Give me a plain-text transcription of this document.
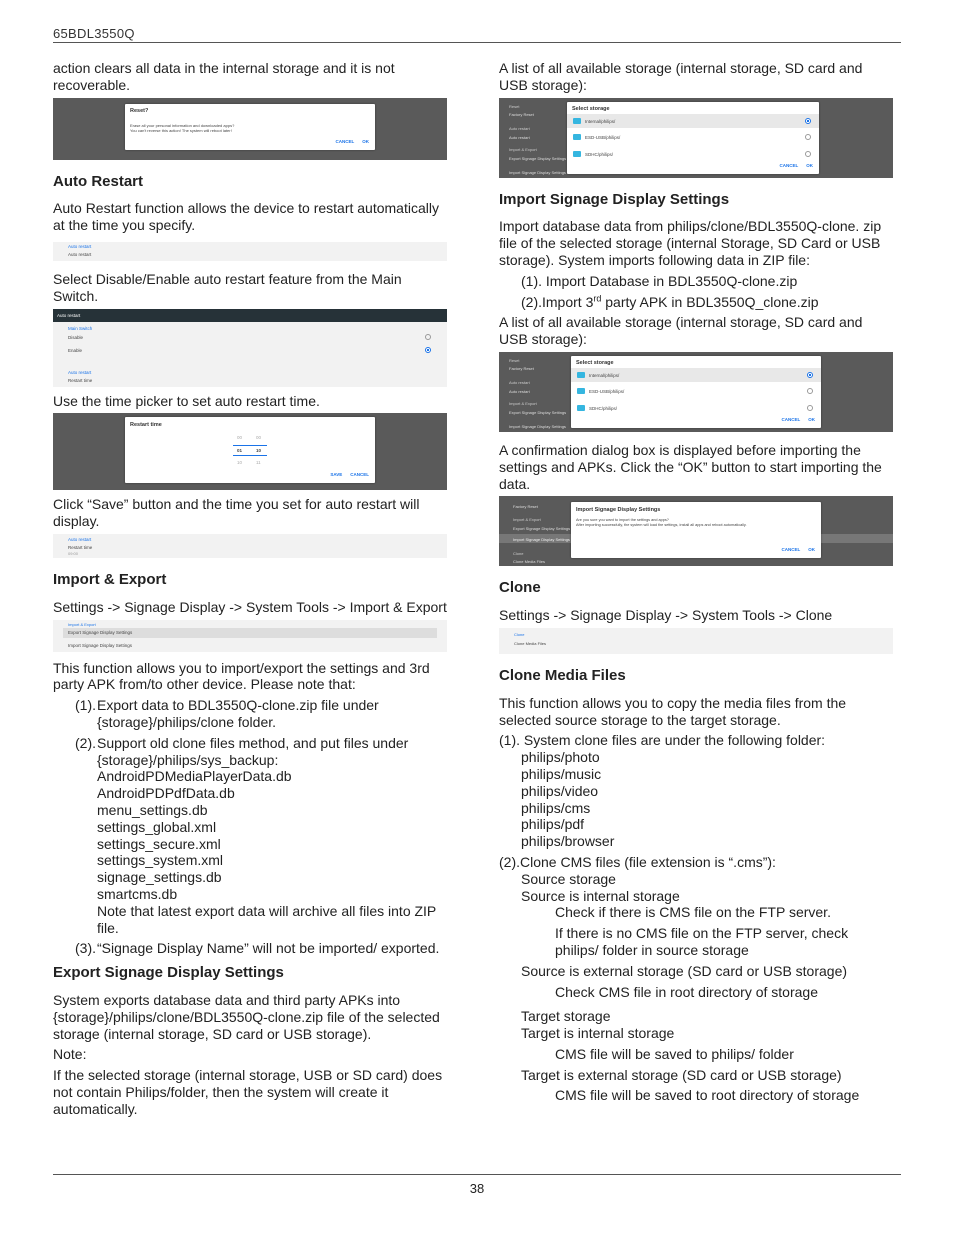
65BDL3550Q

action clears all data in the internal storage and it is not recoverable.

Reset?
Erase all your personal information and downloaded apps?
You can't reverse this action! The system will reboot later!
CANCEL OK
Auto Restart

Auto Restart function allows the device to restart automatically at the time you specify.

Auto restart
Auto restart

Select Disable/Enable auto restart feature from the Main Switch.

Auto restart
Main Switch
Disable
Enable
Auto restart
Restart time

Use the time picker to set auto restart time.

Restart time
00	00
01	10
10	11
SAVE CANCEL

Click “Save” button and the time you set for auto restart will display.

Auto restart
Restart time
09:00
Import & Export

Settings -> Signage Display -> System Tools -> Import & Export

Import & Export
Export Signage Display Settings
Import Signage Display Settings

This function allows you to import/export the settings and 3rd party APK from/to other device. Please note that:

(1). Export data to BDL3550Q-clone.zip file under {storage}/philips/clone folder.
(2). Support old clone files method, and put files under {storage}/philips/sys_backup:
AndroidPDMediaPlayerData.db
AndroidPDPdfData.db
menu_settings.db
settings_global.xml
settings_secure.xml
settings_system.xml
signage_settings.db
smartcms.db
Note that latest export data will archive all files into ZIP file.
(3). “Signage Display Name” will not be imported/ exported.
Export Signage Display Settings

System exports database data and third party APKs into {storage}/philips/clone/BDL3550Q-clone.zip file of the selected storage (internal storage, SD card or USB storage).

Note:

If the selected storage (internal storage, USB or SD card) does not contain Philips/folder, then the system will create it automatically.

A list of all available storage (internal storage, SD card and USB storage):

Reset
Factory Reset
Auto restart
Auto restart
Import & Export
Export Signage Display Settings
Import Signage Display Settings
Select storage
Internal/philips/
ESD-USB/philips/
SDHC/philips/
CANCEL OK
Import Signage Display Settings

Import database data from philips/clone/BDL3550Q-clone. zip file of the selected storage (internal Storage, SD Card or USB storage). System imports following data in ZIP file:

(1). Import Database in BDL3550Q-clone.zip
(2).Import 3rd party APK in BDL3550Q_clone.zip

A list of all available storage (internal storage, SD card and USB storage):

Reset
Factory Reset
Auto restart
Auto restart
Import & Export
Export Signage Display Settings
Import Signage Display Settings
Select storage
Internal/philips/
ESD-USB/philips/
SDHC/philips/
CANCEL OK

A confirmation dialog box is displayed before importing the settings and APKs. Click the “OK” button to start importing the data.

Factory Reset
Import & Export
Export Signage Display Settings
Import Signage Display Settings
Clone
Clone Media Files
Import Signage Display Settings
Are you sure you want to import the settings and apps?
After importing successfully, the system will load the settings, install all apps and reboot automatically.
CANCEL OK
Clone

Settings -> Signage Display -> System Tools -> Clone

Clone
Clone Media Files
Clone Media Files

This function allows you to copy the media files from the selected source storage to the target storage.

(1). System clone files are under the following folder:
philips/photo
philips/music
philips/video
philips/cms
philips/pdf
philips/browser
(2).Clone CMS files (file extension is “.cms”):
Source storage
Source is internal storage
Check if there is CMS file on the FTP server.
If there is no CMS file on the FTP server, check philips/ folder in source storage
Source is external storage (SD card or USB storage)
Check CMS file in root directory of storage
Target storage
Target is internal storage
CMS file will be saved to philips/ folder
Target is external storage (SD card or USB storage)
CMS file will be saved to root directory of storage
38
